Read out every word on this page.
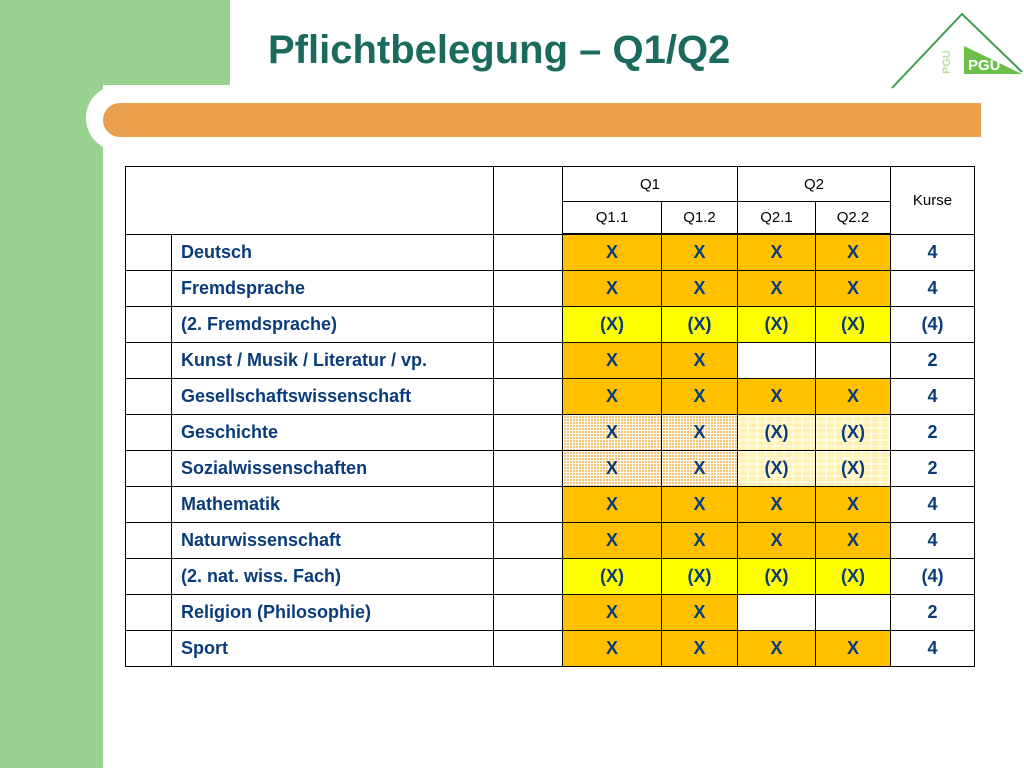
Pflichtbelegung – Q1/Q2	PGU
PGU
			Q1		Q2		Kurse
			Q1.1	Q1.2	Q2.1	Q2.2	
	Deutsch		X	X	X	X	4
	Fremdsprache		X	X	X	X	4
	(2. Fremdsprache)		(X)	(X)	(X)	(X)	(4)
	Kunst / Musik / Literatur / vp.		X	X			2
	Gesellschaftswissenschaft		X	X	X	X	4
	Geschichte		X	X	(X)	(X)	2
	Sozialwissenschaften		X	X	(X)	(X)	2
	Mathematik		X	X	X	X	4
	Naturwissenschaft		X	X	X	X	4
	(2. nat. wiss. Fach)		(X)	(X)	(X)	(X)	(4)
	Religion (Philosophie)		X	X			2
	Sport		X	X	X	X	4
